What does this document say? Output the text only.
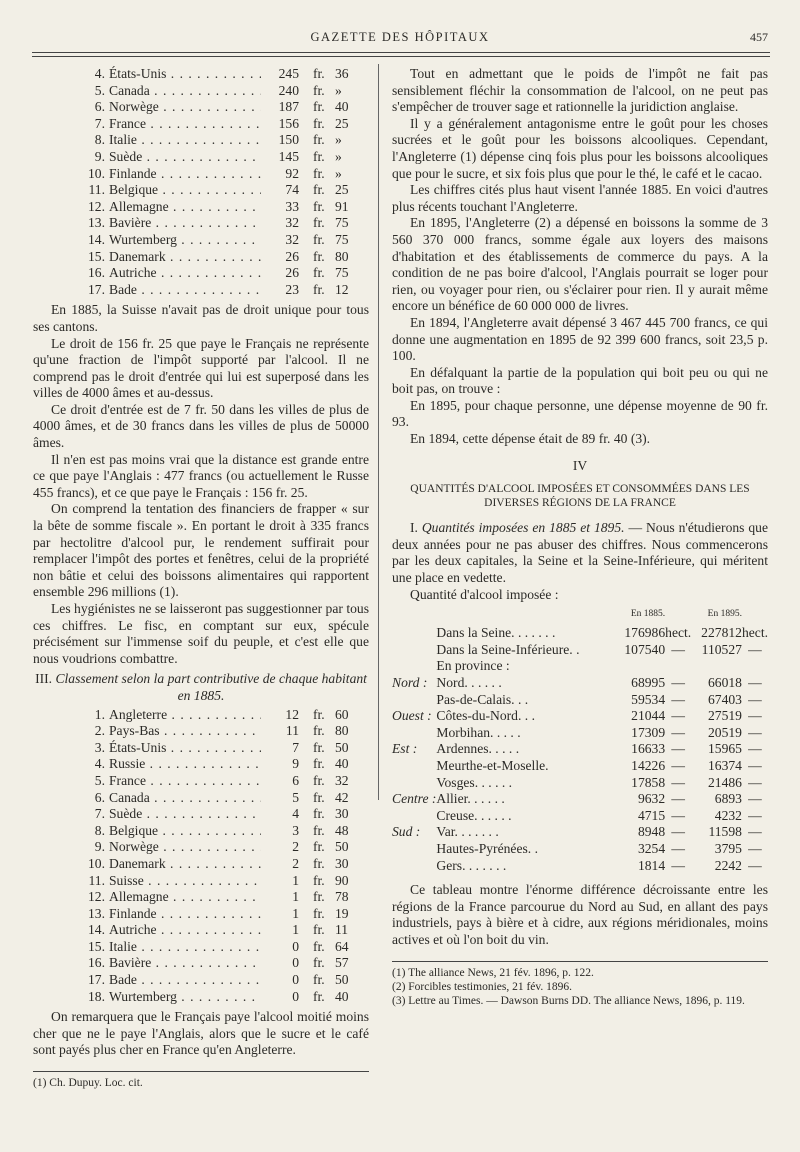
GAZETTE DES HÔPITAUX	457
4. États-Unis . . .	245	fr. 36
5. Canada . . .	240	fr. »
6. Norwège . . .	187	fr. 40
7. France . . .	156	fr. 25
8. Italie . . .	150	fr. »
9. Suède . . .	145	fr. »
10. Finlande . . .	92	fr. »
11. Belgique . . .	74	fr. 25
12. Allemagne . . .	33	fr. 91
13. Bavière . . .	32	fr. 75
14. Wurtemberg . . .	32	fr. 75
15. Danemark . . .	26	fr. 80
16. Autriche . . .	26	fr. 75
17. Bade . . .	23	fr. 12

En 1885, la Suisse n'avait pas de droit unique pour tous ses cantons.

Le droit de 156 fr. 25 que paye le Français ne représente qu'une fraction de l'impôt supporté par l'alcool. Il ne comprend pas le droit d'entrée qui lui est superposé dans les villes de 4000 âmes et au-dessus.

Ce droit d'entrée est de 7 fr. 50 dans les villes de plus de 4000 âmes, et de 30 francs dans les villes de plus de 50000 âmes.

Il n'en est pas moins vrai que la distance est grande entre ce que paye l'Anglais : 477 francs (ou actuellement le Russe 455 francs), et ce que paye le Français : 156 fr. 25.

On comprend la tentation des financiers de frapper « sur la bête de somme fiscale ». En portant le droit à 335 francs par hectolitre d'alcool pur, le rendement suffirait pour remplacer l'impôt des portes et fenêtres, celui de la propriété non bâtie et celui des boissons alimentaires qui rapportent ensemble 296 millions (1).

Les hygiénistes ne se laisseront pas suggestionner par tous ces chiffres. Le fisc, en comptant sur eux, spécule précisément sur l'immense soif du peuple, et c'est elle que nous voudrions combattre.

III. Classement selon la part contributive de chaque habitant en 1885.
1. Angleterre . . .	12	fr. 60
2. Pays-Bas . . .	11	fr. 80
3. États-Unis . . .	7	fr. 50
4. Russie . . .	9	fr. 40
5. France . . .	6	fr. 32
6. Canada . . .	5	fr. 42
7. Suède . . .	4	fr. 30
8. Belgique . . .	3	fr. 48
9. Norwège . . .	2	fr. 50
10. Danemark . . .	2	fr. 30
11. Suisse . . .	1	fr. 90
12. Allemagne . . .	1	fr. 78
13. Finlande . . .	1	fr. 19
14. Autriche . . .	1	fr. 11
15. Italie . . .	0	fr. 64
16. Bavière . . .	0	fr. 57
17. Bade . . .	0	fr. 50
18. Wurtemberg . . .	0	fr. 40

On remarquera que le Français paye l'alcool moitié moins cher que ne le paye l'Anglais, alors que le sucre et le café sont payés plus cher en France qu'en Angleterre.

(1) Ch. Dupuy. Loc. cit.

Tout en admettant que le poids de l'impôt ne fait pas sensiblement fléchir la consommation de l'alcool, on ne peut pas s'empêcher de trouver sage et rationnelle la juridiction anglaise.

Il y a généralement antagonisme entre le goût pour les choses sucrées et le goût pour les boissons alcooliques. Cependant, l'Angleterre (1) dépense cinq fois plus pour les boissons alcooliques que pour le sucre, et six fois plus que pour le thé, le café et le cacao.

Les chiffres cités plus haut visent l'année 1885. En voici d'autres plus récents touchant l'Angleterre.

En 1895, l'Angleterre (2) a dépensé en boissons la somme de 3 560 370 000 francs, somme égale aux loyers des maisons d'habitation et des établissements de commerce du pays. A la condition de ne pas boire d'alcool, l'Anglais pourrait se loger pour rien, ou voyager pour rien, ou s'éclairer pour rien. Il y aurait même encore un bénéfice de 60 000 000 de livres.

En 1894, l'Angleterre avait dépensé 3 467 445 700 francs, ce qui donne une augmentation en 1895 de 92 399 600 francs, soit 23,5 p. 100.

En défalquant la partie de la population qui boit peu ou qui ne boit pas, on trouve :

En 1895, pour chaque personne, une dépense moyenne de 90 fr. 93.

En 1894, cette dépense était de 89 fr. 40 (3).

IV
QUANTITÉS D'ALCOOL IMPOSÉES ET CONSOMMÉES DANS LES DIVERSES RÉGIONS DE LA FRANCE

I. Quantités imposées en 1885 et 1895. — Nous n'étudierons que deux années pour ne pas abuser des chiffres. Nous commencerons par les deux capitales, la Seine et la Seine-Inférieure, qui méritent une place en vedette.

Quantité d'alcool imposée :

		En 1885.		En 1895.	
	Dans la Seine. . . . . . .	176986	hect.	227812	hect.
	Dans la Seine-Inférieure. .	107540	—	110527	—
	En province :				
Nord :	Nord. . . . . .	68995	—	66018	—
	Pas-de-Calais. . .	59534	—	67403	—
Ouest :	Côtes-du-Nord. . .	21044	—	27519	—
	Morbihan. . . . .	17309	—	20519	—
Est :	Ardennes. . . . .	16633	—	15965	—
	Meurthe-et-Moselle.	14226	—	16374	—
	Vosges. . . . . .	17858	—	21486	—
Centre :	Allier. . . . . .	9632	—	6893	—
	Creuse. . . . . .	4715	—	4232	—
Sud :	Var. . . . . . .	8948	—	11598	—
	Hautes-Pyrénées. .	3254	—	3795	—
	Gers. . . . . . .	1814	—	2242	—

Ce tableau montre l'énorme différence décroissante entre les régions de la France parcourue du Nord au Sud, en allant des pays industriels, pays à bière et à cidre, aux régions méridionales, moins actives et où l'on boit du vin.

(1) The alliance News, 21 fév. 1896, p. 122.
(2) Forcibles testimonies, 21 fév. 1896.
(3) Lettre au Times. — Dawson Burns DD. The alliance News, 1896, p. 119.
